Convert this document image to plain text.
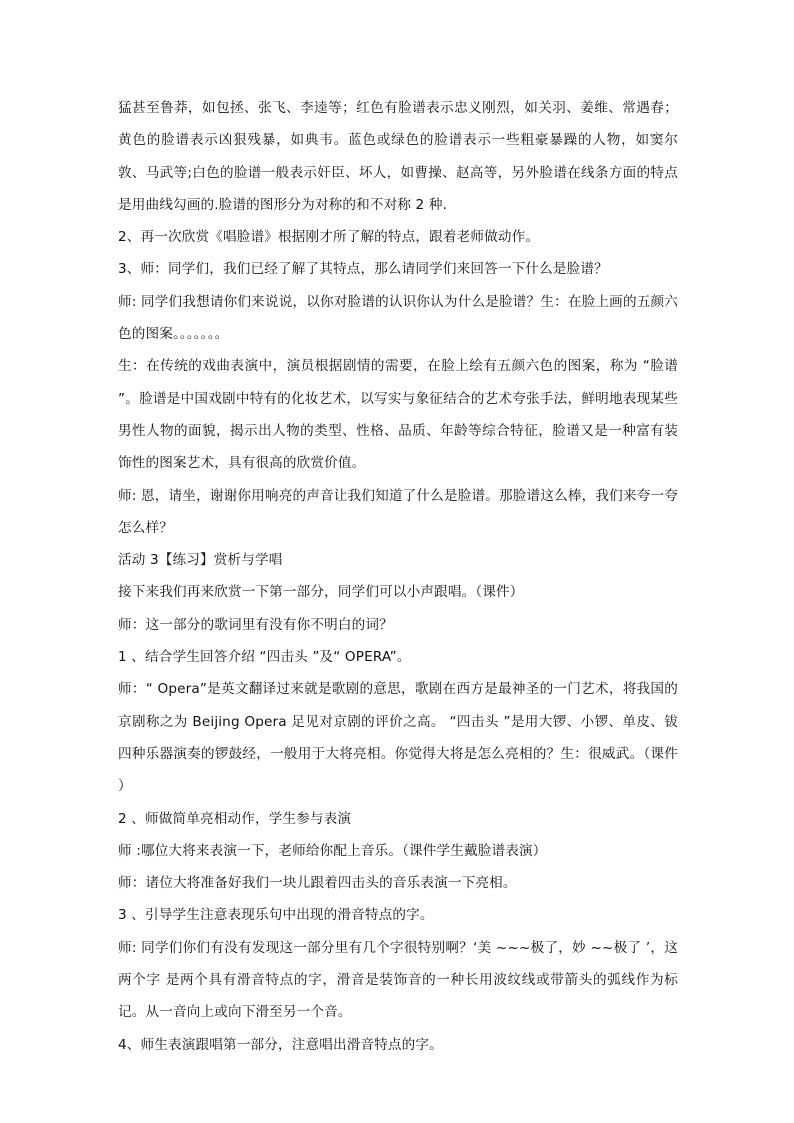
猛甚至鲁莽，如包拯、张飞、李逵等；红色有脸谱表示忠义刚烈，如关羽、姜维、常遇春；黄色的脸谱表示凶狠残暴，如典韦。蓝色或绿色的脸谱表示一些粗豪暴躁的人物，如窦尔敦、马武等;白色的脸谱一般表示奸臣、坏人，如曹操、赵高等，另外脸谱在线条方面的特点是用曲线勾画的.脸谱的图形分为对称的和不对称 2 种.

2、再一次欣赏《唱脸谱》根据刚才所了解的特点，跟着老师做动作。

3、师：同学们，我们已经了解了其特点，那么请同学们来回答一下什么是脸谱？

师: 同学们我想请你们来说说，以你对脸谱的认识你认为什么是脸谱？生：在脸上画的五颜六色的图案。。。。。。。

生：在传统的戏曲表演中，演员根据剧情的需要，在脸上绘有五颜六色的图案，称为 “脸谱 ”。脸谱是中国戏剧中特有的化妆艺术，以写实与象征结合的艺术夸张手法，鲜明地表现某些男性人物的面貌，揭示出人物的类型、性格、品质、年龄等综合特征，脸谱又是一种富有装饰性的图案艺术，具有很高的欣赏价值。

师: 恩，请坐，谢谢你用响亮的声音让我们知道了什么是脸谱。那脸谱这么棒，我们来夸一夸怎么样？

活动 3【练习】赏析与学唱

接下来我们再来欣赏一下第一部分，同学们可以小声跟唱。（课件）

师：这一部分的歌词里有没有你不明白的词？

1 、结合学生回答介绍 “四击头 ”及“ OPERA”。

师：“ Opera”是英文翻译过来就是歌剧的意思，歌剧在西方是最神圣的一门艺术，将我国的京剧称之为 Beijing Opera 足见对京剧的评价之高。 “四击头 ”是用大锣、小锣、单皮、钹四种乐器演奏的锣鼓经，一般用于大将亮相。你觉得大将是怎么亮相的？生：很威武。（课件 ）

2 、师做简单亮相动作，学生参与表演

师 :哪位大将来表演一下，老师给你配上音乐。（课件学生戴脸谱表演）

师：诸位大将准备好我们一块儿跟着四击头的音乐表演一下亮相。

3 、引导学生注意表现乐句中出现的滑音特点的字。

师: 同学们你们有没有发现这一部分里有几个字很特别啊？‘美 ~~~极了，妙 ~~极了 ’，这两个字 是两个具有滑音特点的字，滑音是装饰音的一种长用波纹线或带箭头的弧线作为标记。从一音向上或向下滑至另一个音。

4、师生表演跟唱第一部分，注意唱出滑音特点的字。
